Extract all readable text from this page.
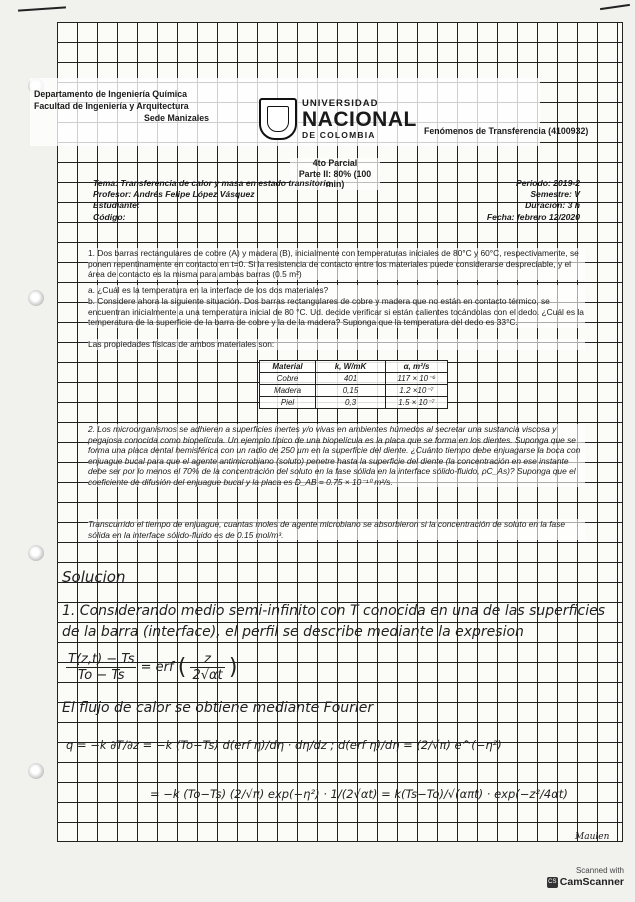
Departamento de Ingeniería Química
Facultad de Ingeniería y Arquitectura
Sede Manizales
UNIVERSIDAD
NACIONAL
DE COLOMBIA	Fenómenos de Transferencia (4100932)
4to Parcial
Parte II: 80% (100 min)
Tema: Transferencia de calor y masa en estado transitorio
Profesor: Andrés Felipe López Vásquez
Estudiante:
Código:
Periodo: 2019-2
Semestre: V
Duración: 3 h
Fecha: febrero 12/2020
1. Dos barras rectangulares de cobre (A) y madera (B), inicialmente con temperaturas iniciales de 80°C y 60°C, respectivamente, se ponen repentinamente en contacto en t=0. Si la resistencia de contacto entre los materiales puede considerarse despreciable, y el área de contacto es la misma para ambas barras (0.5 m²)
a. ¿Cuál es la temperatura en la interface de los dos materiales?
b. Considere ahora la siguiente situación. Dos barras rectangulares de cobre y madera que no están en contacto térmico, se encuentran inicialmente a una temperatura inicial de 80 °C. Ud. decide verificar si están calientes tocándolas con el dedo. ¿Cuál es la temperatura de la superficie de la barra de cobre y la de la madera? Suponga que la temperatura del dedo es 33°C.
Las propiedades físicas de ambos materiales son:
Material	k, W/mK	α, m²/s
Cobre	401	117 × 10⁻⁶
Madera	0,15	1.2 ×10⁻⁷
Piel	0,3	1.5 × 10⁻⁷
2. Los microorganismos se adhieren a superficies inertes y/o vivas en ambientes húmedos al secretar una sustancia viscosa y pegajosa conocida como biopelícula. Un ejemplo típico de una biopelícula es la placa que se forma en los dientes. Suponga que se forma una placa dental hemisférica con un radio de 250 µm en la superficie del diente. ¿Cuánto tiempo debe enjuagarse la boca con enjuague bucal para que el agente antimicrobiano (soluto) penetre hasta la superficie del diente (la concentración en ese instante debe ser por lo menos el 70% de la concentración del soluto en la fase sólida en la interface sólido-fluido, ρC_As)? Suponga que el coeficiente de difusión del enjuague bucal y la placa es D_AB = 0.75 × 10⁻¹⁰ m²/s.
Transcurrido el tiempo de enjuague, cuantas moles de agente microbiano se absorbieron si la concentración de soluto en la fase sólida en la interface sólido-fluido es de 0.15 mol/m³.
Solucion
1. Considerando medio semi-infinito con T conocida en una de las superficies
de la barra (interface), el perfil se describe mediante la expresion
$\frac{T(z,t) - Ts}{To - Ts}$ = erf ( $\frac{z}{2√\alpha t}$ )
El flujo de calor se obtiene mediante Fourier
q = −k ∂T/∂z = −k (To−Ts) d(erf η)/dη · dη/dz ; d(erf η)/dη = (2/√π) e^(−η²)
= −k (To−Ts) (2/√π) exp(−η²) · 1/(2√αt) = k(Ts−To)/√(απt) · exp(−z²/4αt)
Maulen
Scanned with
CS CamScanner
